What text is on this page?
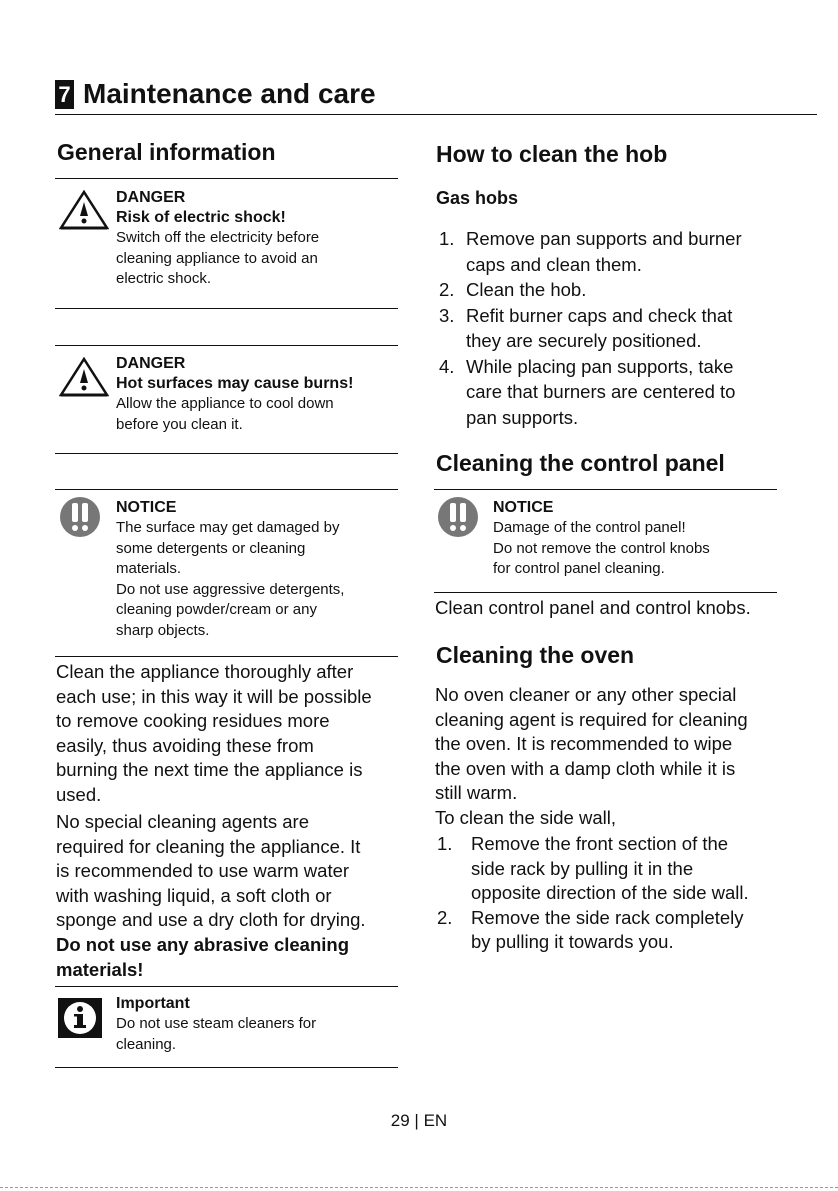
7 Maintenance and care
General information
DANGER
Risk of electric shock!
Switch off the electricity before
cleaning appliance to avoid an
electric shock.
DANGER
Hot surfaces may cause burns!
Allow the appliance to cool down
before you clean it.
NOTICE
The surface may get damaged by
some detergents or cleaning
materials.
Do not use aggressive detergents,
cleaning powder/cream or any
sharp objects.
Clean the appliance thoroughly after
each use; in this way it will be possible
to remove cooking residues more
easily, thus avoiding these from
burning the next time the appliance is
used.
No special cleaning agents are
required for cleaning the appliance. It
is recommended to use warm water
with washing liquid, a soft cloth or
sponge and use a dry cloth for drying.
Do not use any abrasive cleaning
materials!
Important
Do not use steam cleaners for
cleaning.
How to clean the hob
Gas hobs
1. Remove pan supports and burner
caps and clean them.
2. Clean the hob.
3. Refit burner caps and check that
they are securely positioned.
4. While placing pan supports, take
care that burners are centered to
pan supports.
Cleaning the control panel
NOTICE
Damage of the control panel!
Do not remove the control knobs
for control panel cleaning.
Clean control panel and control knobs.
Cleaning the oven
No oven cleaner or any other special
cleaning agent is required for cleaning
the oven. It is recommended to wipe
the oven with a damp cloth while it is
still warm.
To clean the side wall,
1. Remove the front section of the
side rack by pulling it in the
opposite direction of the side wall.
2. Remove the side rack completely
by pulling it towards you.
29 | EN
